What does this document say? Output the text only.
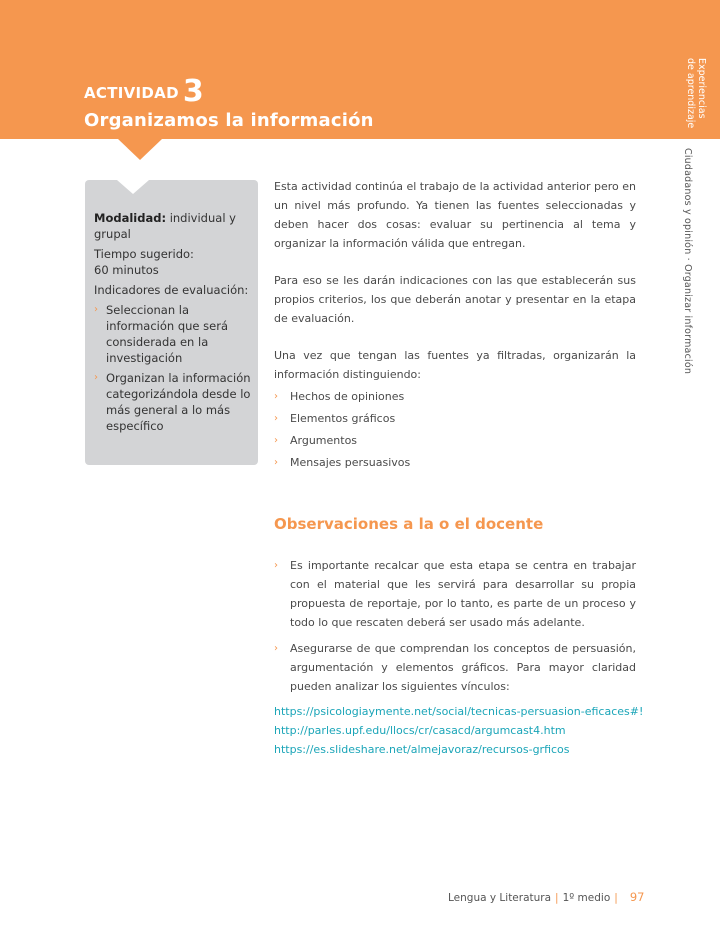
ACTIVIDAD 3
Organizamos la información
Experiencias
de aprendizaje
Ciudadanos y opinión · Organizar información

Modalidad: individual y grupal

Tiempo sugerido:
60 minutos

Indicadores de evaluación:

› Seleccionan la información que será considerada en la investigación
› Organizan la información categorizándola desde lo más general a lo más específico

Esta actividad continúa el trabajo de la actividad anterior pero en un nivel más profundo. Ya tienen las fuentes seleccionadas y deben hacer dos cosas: evaluar su pertinencia al tema y organizar la información válida que entregan.

Para eso se les darán indicaciones con las que establecerán sus propios criterios, los que deberán anotar y presentar en la etapa de evaluación.

Una vez que tengan las fuentes ya filtradas, organizarán la información distinguiendo:

› Hechos de opiniones
› Elementos gráficos
› Argumentos
› Mensajes persuasivos
Observaciones a la o el docente
› Es importante recalcar que esta etapa se centra en trabajar con el material que les servirá para desarrollar su propia propuesta de reportaje, por lo tanto, es parte de un proceso y todo lo que rescaten deberá ser usado más adelante.
› Asegurarse de que comprendan los conceptos de persuasión, argumentación y elementos gráficos. Para mayor claridad pueden analizar los siguientes vínculos:
https://psicologiaymente.net/social/tecnicas-persuasion-eficaces#!
http://parles.upf.edu/llocs/cr/casacd/argumcast4.htm
https://es.slideshare.net/almejavoraz/recursos-grficos
Lengua y Literatura | 1º medio | 97
